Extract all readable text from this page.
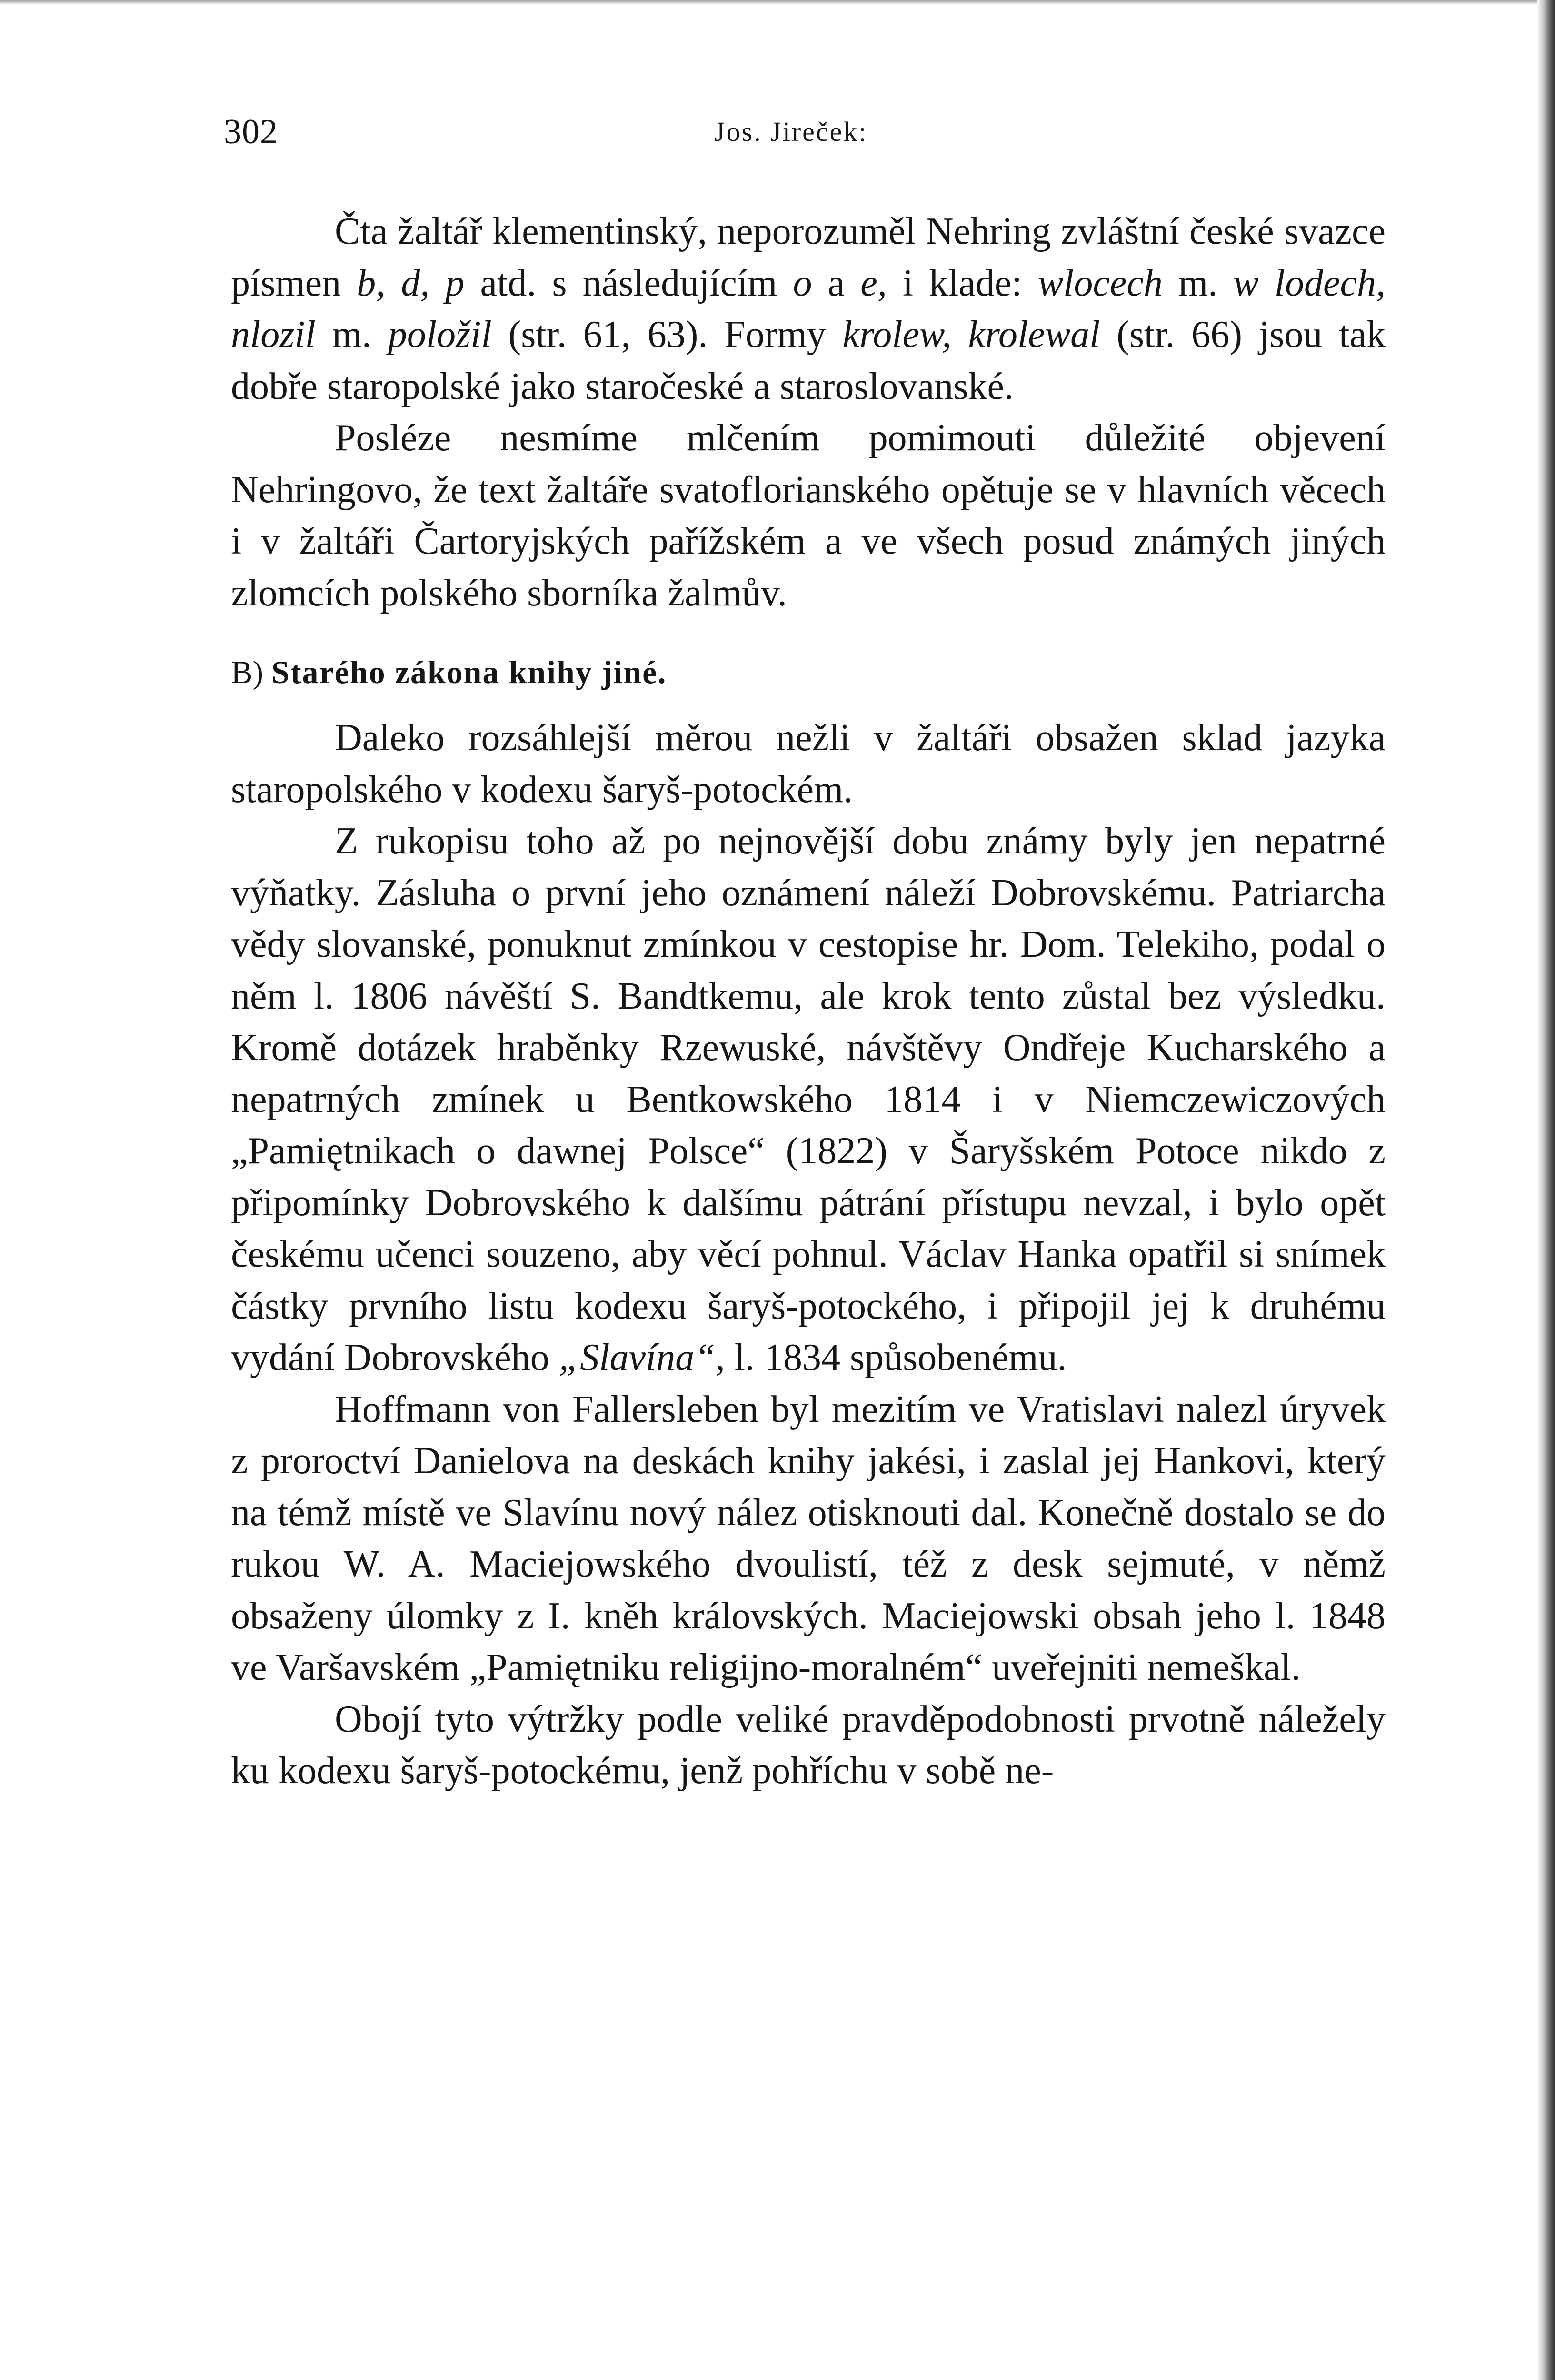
302	Jos. Jireček:

Čta žaltář klementinský, neporozuměl Nehring zvláštní české svazce písmen b, d, p atd. s následujícím o a e, i klade: wlocech m. w lodech, nlozil m. položil (str. 61, 63). Formy krolew, krolewal (str. 66) jsou tak dobře staropolské jako staročeské a staroslovanské.

Posléze nesmíme mlčením pomimouti důležité objevení Nehringovo, že text žaltáře svatoflorianského opětuje se v hlavních věcech i v žaltáři Čartoryjských pařížském a ve všech posud známých jiných zlomcích polského sborníka žalmův.

B) Starého zákona knihy jiné.

Daleko rozsáhlejší měrou nežli v žaltáři obsažen sklad jazyka staropolského v kodexu šaryš-potockém.

Z rukopisu toho až po nejnovější dobu známy byly jen nepatrné výňatky. Zásluha o první jeho oznámení náleží Dobrovskému. Patriarcha vědy slovanské, ponuknut zmínkou v cestopise hr. Dom. Telekiho, podal o něm l. 1806 návěští S. Bandtkemu, ale krok tento zůstal bez výsledku. Kromě dotázek hraběnky Rzewuské, návštěvy Ondřeje Kucharského a nepatrných zmínek u Bentkowského 1814 i v Niemczewiczových „Pamiętnikach o dawnej Polsce“ (1822) v Šaryšském Potoce nikdo z připomínky Dobrovského k dalšímu pátrání přístupu nevzal, i bylo opět českému učenci souzeno, aby věcí pohnul. Václav Hanka opatřil si snímek částky prvního listu kodexu šaryš-potockého, i připojil jej k druhému vydání Dobrovského „Slavína“, l. 1834 spůsobenému.

Hoffmann von Fallersleben byl mezitím ve Vratislavi nalezl úryvek z proroctví Danielova na deskách knihy jakési, i zaslal jej Hankovi, který na témž místě ve Slavínu nový nález otisknouti dal. Konečně dostalo se do rukou W. A. Maciejowského dvoulistí, též z desk sejmuté, v němž obsaženy úlomky z I. kněh královských. Maciejowski obsah jeho l. 1848 ve Varšavském „Pamiętniku religijno-moralném“ uveřejniti nemeškal.

Obojí tyto výtržky podle veliké pravděpodobnosti prvotně náležely ku kodexu šaryš-potockému, jenž pohříchu v sobě ne-
